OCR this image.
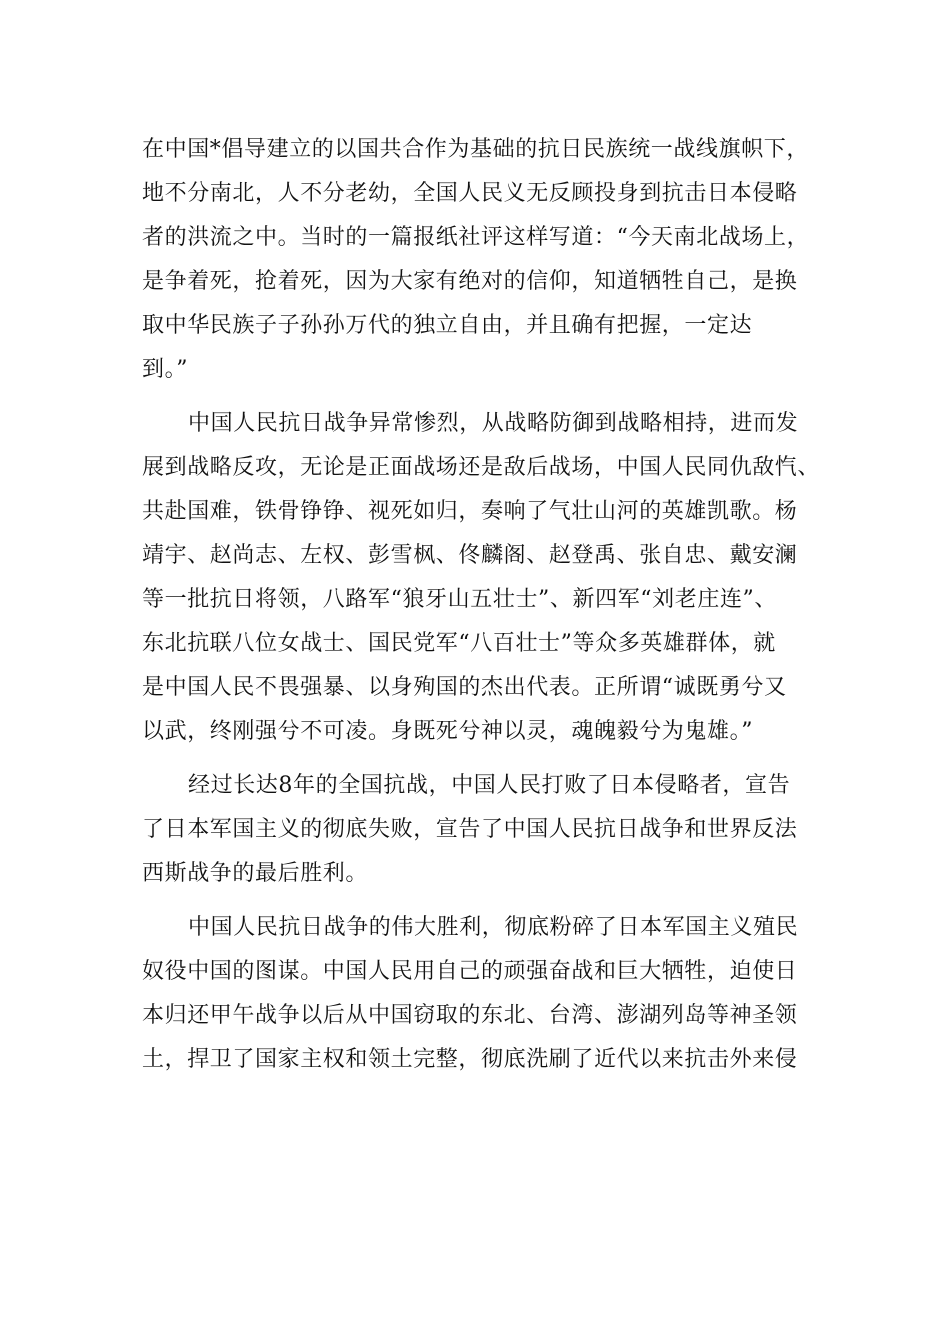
在中国*倡导建立的以国共合作为基础的抗日民族统一战线旗帜下，
地不分南北，人不分老幼，全国人民义无反顾投身到抗击日本侵略
者的洪流之中。当时的一篇报纸社评这样写道：“今天南北战场上，
是争着死，抢着死，因为大家有绝对的信仰，知道牺牲自己，是换
取中华民族子子孙孙万代的独立自由，并且确有把握，一定达
到。”
中国人民抗日战争异常惨烈，从战略防御到战略相持，进而发
展到战略反攻，无论是正面战场还是敌后战场，中国人民同仇敌忾、
共赴国难，铁骨铮铮、视死如归，奏响了气壮山河的英雄凯歌。杨
靖宇、赵尚志、左权、彭雪枫、佟麟阁、赵登禹、张自忠、戴安澜
等一批抗日将领，八路军“狼牙山五壮士”、新四军“刘老庄连”、
东北抗联八位女战士、国民党军“八百壮士”等众多英雄群体，就
是中国人民不畏强暴、以身殉国的杰出代表。正所谓“诚既勇兮又
以武，终刚强兮不可凌。身既死兮神以灵，魂魄毅兮为鬼雄。”
经过长达8年的全国抗战，中国人民打败了日本侵略者，宣告
了日本军国主义的彻底失败，宣告了中国人民抗日战争和世界反法
西斯战争的最后胜利。
中国人民抗日战争的伟大胜利，彻底粉碎了日本军国主义殖民
奴役中国的图谋。中国人民用自己的顽强奋战和巨大牺牲，迫使日
本归还甲午战争以后从中国窃取的东北、台湾、澎湖列岛等神圣领
土，捍卫了国家主权和领土完整，彻底洗刷了近代以来抗击外来侵
